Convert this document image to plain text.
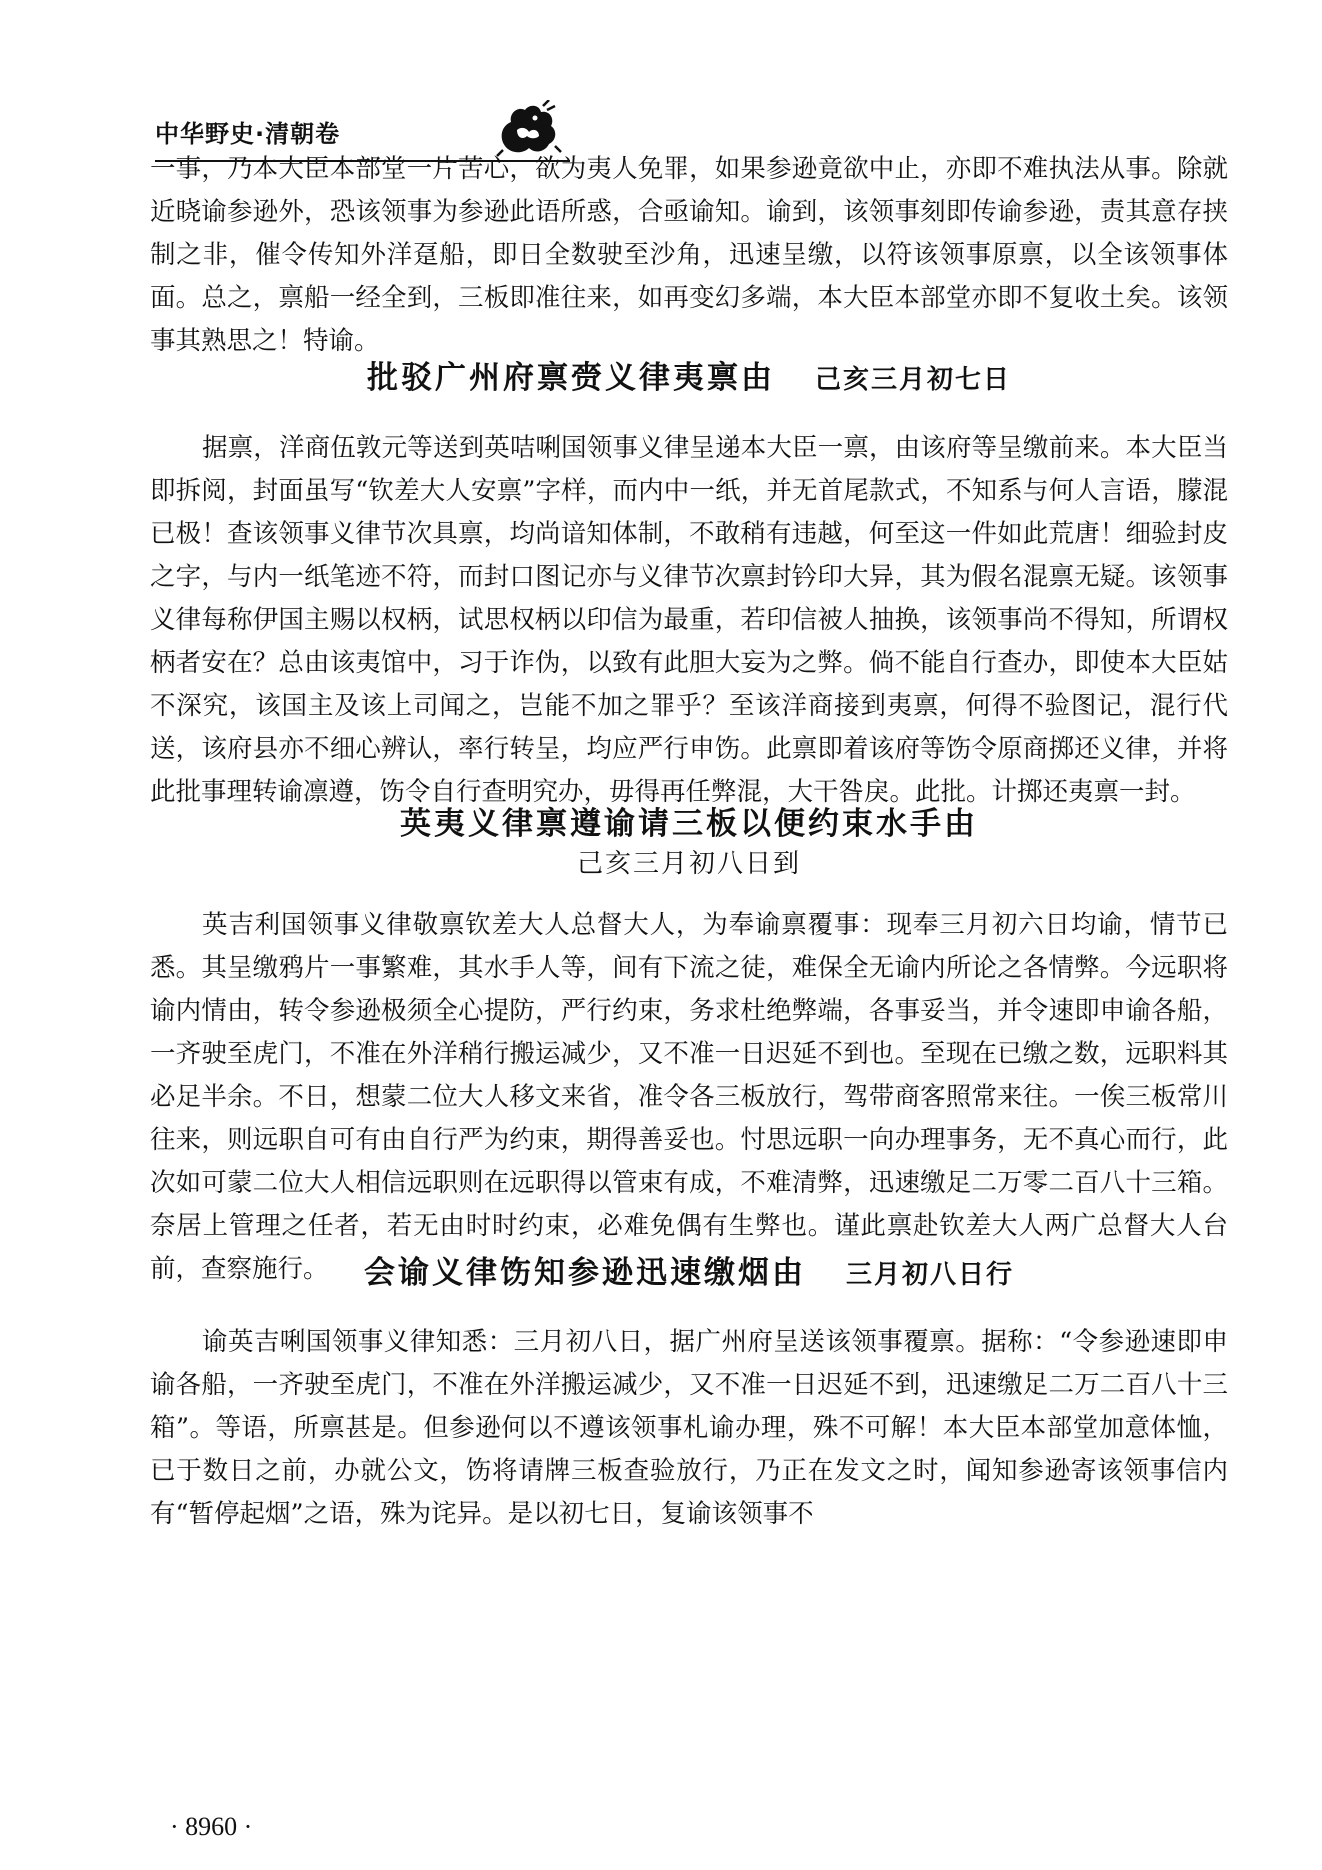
中华野史·清朝卷

一事，乃本大臣本部堂一片苦心，欲为夷人免罪，如果参逊竟欲中止，亦即不难执法从事。除就近晓谕参逊外，恐该领事为参逊此语所惑，合亟谕知。谕到，该领事刻即传谕参逊，责其意存挟制之非，催令传知外洋趸船，即日全数驶至沙角，迅速呈缴，以符该领事原禀，以全该领事体面。总之，禀船一经全到，三板即准往来，如再变幻多端，本大臣本部堂亦即不复收土矣。该领事其熟思之！特谕。

批驳广州府禀赍义律夷禀由 己亥三月初七日

据禀，洋商伍敦元等送到英咭唎国领事义律呈递本大臣一禀，由该府等呈缴前来。本大臣当即拆阅，封面虽写“钦差大人安禀”字样，而内中一纸，并无首尾款式，不知系与何人言语，朦混已极！查该领事义律节次具禀，均尚谙知体制，不敢稍有违越，何至这一件如此荒唐！细验封皮之字，与内一纸笔迹不符，而封口图记亦与义律节次禀封钤印大异，其为假名混禀无疑。该领事义律每称伊国主赐以权柄，试思权柄以印信为最重，若印信被人抽换，该领事尚不得知，所谓权柄者安在？总由该夷馆中，习于诈伪，以致有此胆大妄为之弊。倘不能自行查办，即使本大臣姑不深究，该国主及该上司闻之，岂能不加之罪乎？至该洋商接到夷禀，何得不验图记，混行代送，该府县亦不细心辨认，率行转呈，均应严行申饬。此禀即着该府等饬令原商掷还义律，并将此批事理转谕凛遵，饬令自行查明究办，毋得再任弊混，大干咎戾。此批。计掷还夷禀一封。

英夷义律禀遵谕请三板以便约束水手由
己亥三月初八日到

英吉利国领事义律敬禀钦差大人总督大人，为奉谕禀覆事：现奉三月初六日均谕，情节已悉。其呈缴鸦片一事繁难，其水手人等，间有下流之徒，难保全无谕内所论之各情弊。今远职将谕内情由，转令参逊极须全心提防，严行约束，务求杜绝弊端，各事妥当，并令速即申谕各船，一齐驶至虎门，不准在外洋稍行搬运减少，又不准一日迟延不到也。至现在已缴之数，远职料其必足半余。不日，想蒙二位大人移文来省，准令各三板放行，驾带商客照常来往。一俟三板常川往来，则远职自可有由自行严为约束，期得善妥也。忖思远职一向办理事务，无不真心而行，此次如可蒙二位大人相信远职则在远职得以管束有成，不难清弊，迅速缴足二万零二百八十三箱。奈居上管理之任者，若无由时时约束，必难免偶有生弊也。谨此禀赴钦差大人两广总督大人台前，查察施行。	会谕义律饬知参逊迅速缴烟由 三月初八日行

谕英吉唎国领事义律知悉：三月初八日，据广州府呈送该领事覆禀。据称：“令参逊速即申谕各船，一齐驶至虎门，不准在外洋搬运减少，又不准一日迟延不到，迅速缴足二万二百八十三箱”。等语，所禀甚是。但参逊何以不遵该领事札谕办理，殊不可解！本大臣本部堂加意体恤，已于数日之前，办就公文，饬将请牌三板查验放行，乃正在发文之时，闻知参逊寄该领事信内有“暂停起烟”之语，殊为诧异。是以初七日，复谕该领事不

· 8960 ·
